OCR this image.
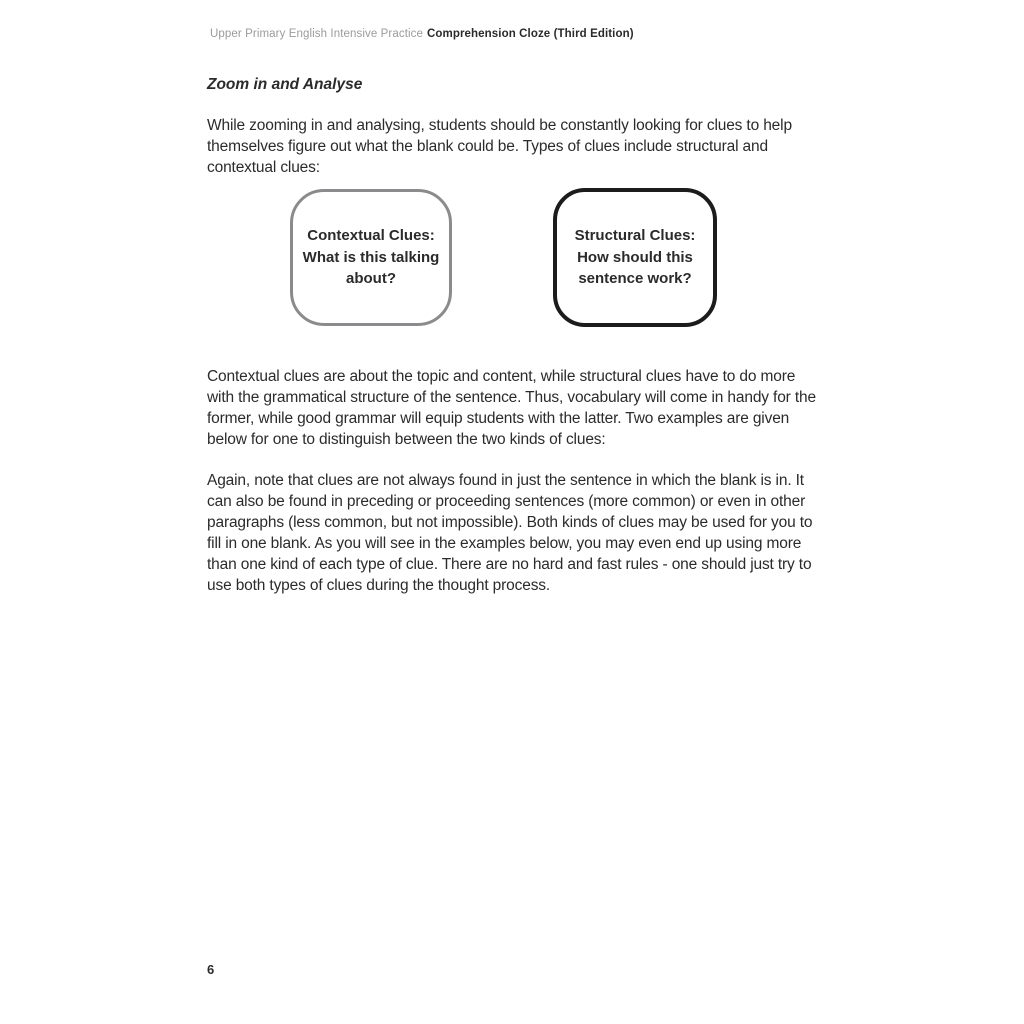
Upper Primary English Intensive Practice Comprehension Cloze (Third Edition)
Zoom in and Analyse

While zooming in and analysing, students should be constantly looking for clues to help themselves figure out what the blank could be. Types of clues include structural and contextual clues:

Contextual Clues:
What is this talking
about?
Structural Clues:
How should this
sentence work?

Contextual clues are about the topic and content, while structural clues have to do more with the grammatical structure of the sentence. Thus, vocabulary will come in handy for the former, while good grammar will equip students with the latter. Two examples are given below for one to distinguish between the two kinds of clues:

Again, note that clues are not always found in just the sentence in which the blank is in. It can also be found in preceding or proceeding sentences (more common) or even in other paragraphs (less common, but not impossible). Both kinds of clues may be used for you to fill in one blank. As you will see in the examples below, you may even end up using more than one kind of each type of clue. There are no hard and fast rules - one should just try to use both types of clues during the thought process.

6
